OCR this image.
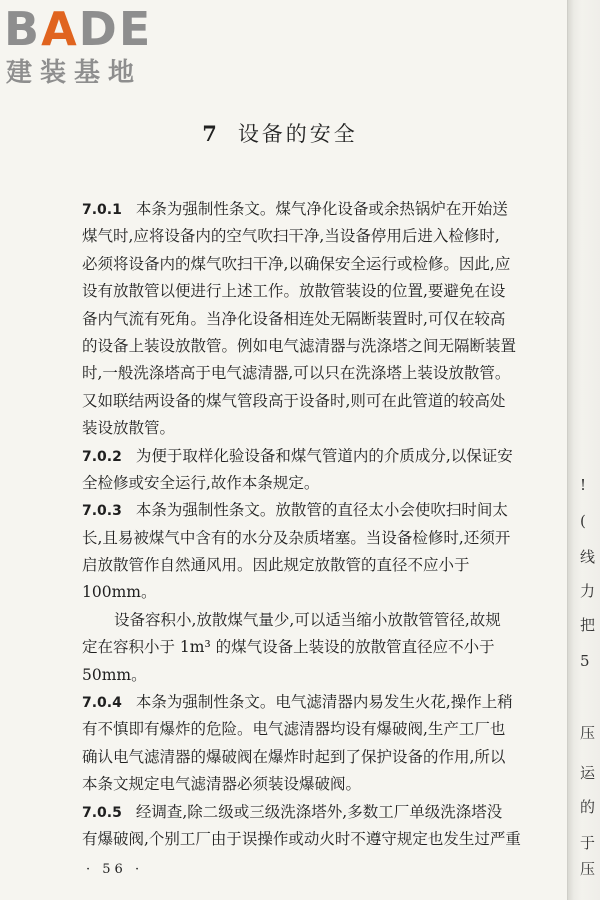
!
(
线
力
把
5
压
运
的
于
压
BADE
建装基地
7 设备的安全
7.0.1 本条为强制性条文。煤气净化设备或余热锅炉在开始送
煤气时,应将设备内的空气吹扫干净,当设备停用后进入检修时,
必须将设备内的煤气吹扫干净,以确保安全运行或检修。因此,应
设有放散管以便进行上述工作。放散管装设的位置,要避免在设
备内气流有死角。当净化设备相连处无隔断装置时,可仅在较高
的设备上装设放散管。例如电气滤清器与洗涤塔之间无隔断装置
时,一般洗涤塔高于电气滤清器,可以只在洗涤塔上装设放散管。
又如联结两设备的煤气管段高于设备时,则可在此管道的较高处
装设放散管。
7.0.2 为便于取样化验设备和煤气管道内的介质成分,以保证安
全检修或安全运行,故作本条规定。
7.0.3 本条为强制性条文。放散管的直径太小会使吹扫时间太
长,且易被煤气中含有的水分及杂质堵塞。当设备检修时,还须开
启放散管作自然通风用。因此规定放散管的直径不应小于
100mm。
设备容积小,放散煤气量少,可以适当缩小放散管管径,故规
定在容积小于 1m³ 的煤气设备上装设的放散管直径应不小于
50mm。
7.0.4 本条为强制性条文。电气滤清器内易发生火花,操作上稍
有不慎即有爆炸的危险。电气滤清器均设有爆破阀,生产工厂也
确认电气滤清器的爆破阀在爆炸时起到了保护设备的作用,所以
本条文规定电气滤清器必须装设爆破阀。
7.0.5 经调查,除二级或三级洗涤塔外,多数工厂单级洗涤塔没
有爆破阀,个别工厂由于误操作或动火时不遵守规定也发生过严重
· 56 ·
